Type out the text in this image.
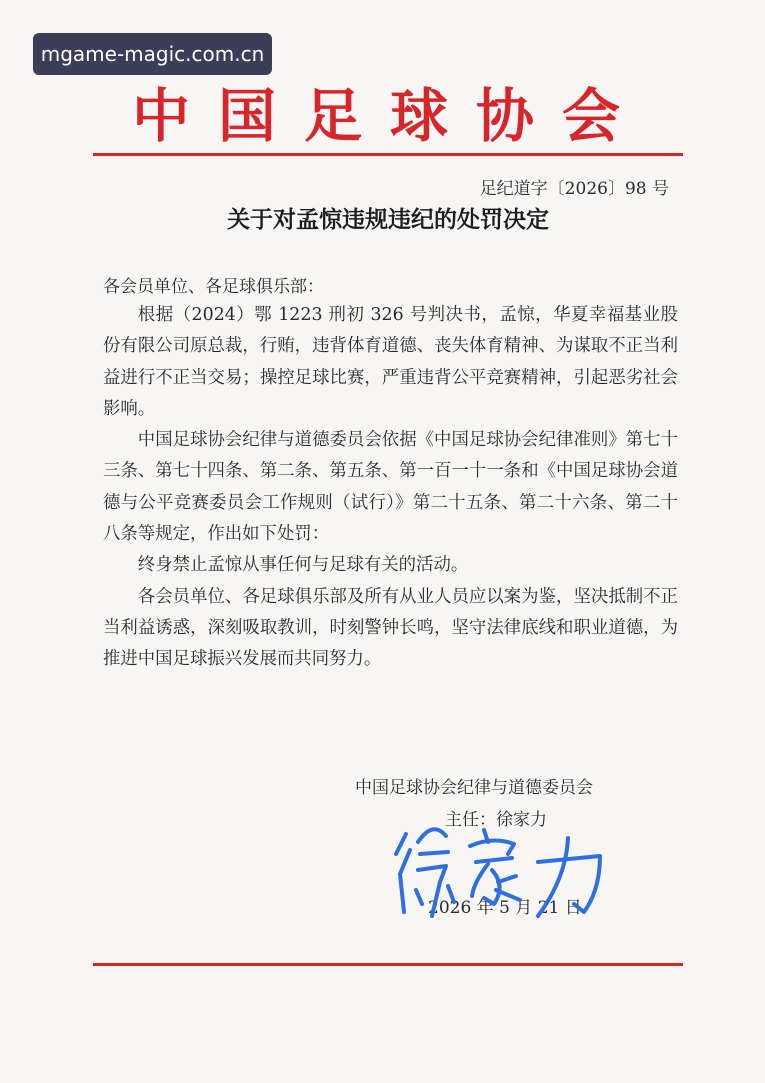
mgame-magic.com.cn
中国足球协会
足纪道字〔2026〕98 号
关于对孟惊违规违纪的处罚决定
各会员单位、各足球俱乐部：

根据（2024）鄂 1223 刑初 326 号判决书，孟惊，华夏幸福基业股份有限公司原总裁，行贿，违背体育道德、丧失体育精神、为谋取不正当利益进行不正当交易；操控足球比赛，严重违背公平竞赛精神，引起恶劣社会影响。

中国足球协会纪律与道德委员会依据《中国足球协会纪律准则》第七十三条、第七十四条、第二条、第五条、第一百一十一条和《中国足球协会道德与公平竞赛委员会工作规则（试行）》第二十五条、第二十六条、第二十八条等规定，作出如下处罚：

终身禁止孟惊从事任何与足球有关的活动。

各会员单位、各足球俱乐部及所有从业人员应以案为鉴，坚决抵制不正当利益诱惑，深刻吸取教训，时刻警钟长鸣，坚守法律底线和职业道德，为推进中国足球振兴发展而共同努力。

中国足球协会纪律与道德委员会
主任：徐家力
2026 年 5 月 21 日
